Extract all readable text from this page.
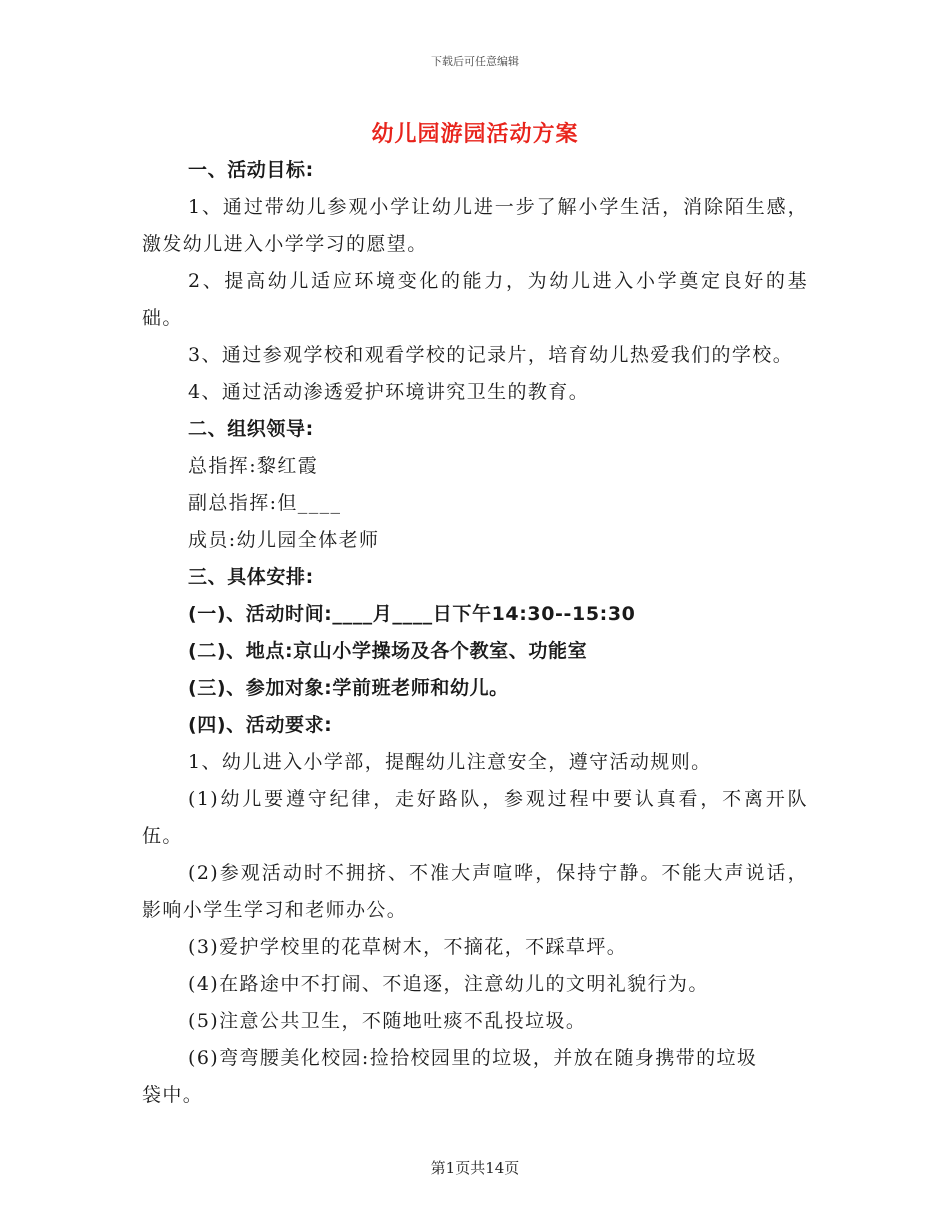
下载后可任意编辑
幼儿园游园活动方案
一、活动目标:
1、通过带幼儿参观小学让幼儿进一步了解小学生活，消除陌生感，
激发幼儿进入小学学习的愿望。
2、提高幼儿适应环境变化的能力，为幼儿进入小学奠定良好的基
础。
3、通过参观学校和观看学校的记录片，培育幼儿热爱我们的学校。
4、通过活动渗透爱护环境讲究卫生的教育。
二、组织领导:
总指挥:黎红霞
副总指挥:但____
成员:幼儿园全体老师
三、具体安排:
(一)、活动时间:____月____日下午14:30--15:30
(二)、地点:京山小学操场及各个教室、功能室
(三)、参加对象:学前班老师和幼儿。
(四)、活动要求:
1、幼儿进入小学部，提醒幼儿注意安全，遵守活动规则。
(1)幼儿要遵守纪律，走好路队，参观过程中要认真看，不离开队
伍。
(2)参观活动时不拥挤、不准大声喧哗，保持宁静。不能大声说话，
影响小学生学习和老师办公。
(3)爱护学校里的花草树木，不摘花，不踩草坪。
(4)在路途中不打闹、不追逐，注意幼儿的文明礼貌行为。
(5)注意公共卫生，不随地吐痰不乱投垃圾。
(6)弯弯腰美化校园:捡拾校园里的垃圾，并放在随身携带的垃圾
袋中。
第1页共14页
